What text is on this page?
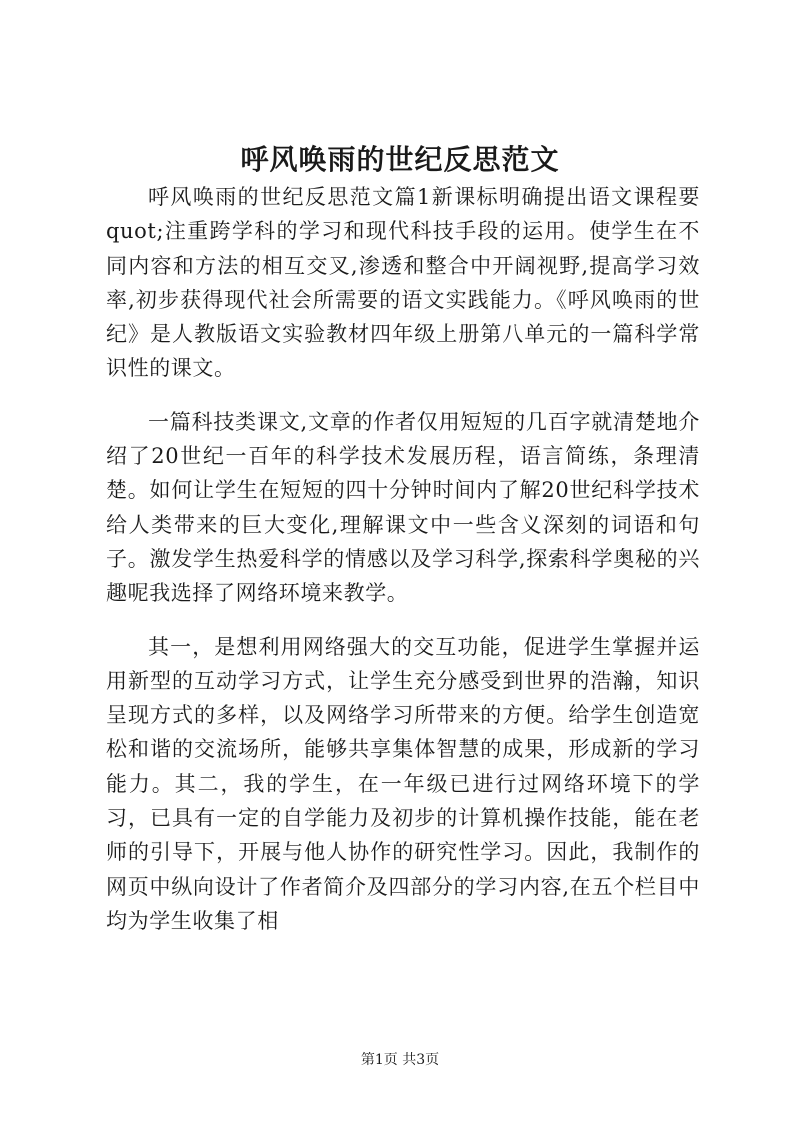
呼风唤雨的世纪反思范文

呼风唤雨的世纪反思范文篇1新课标明确提出语文课程要quot;注重跨学科的学习和现代科技手段的运用。使学生在不同内容和方法的相互交叉,渗透和整合中开阔视野,提高学习效率,初步获得现代社会所需要的语文实践能力。《呼风唤雨的世纪》是人教版语文实验教材四年级上册第八单元的一篇科学常识性的课文。

一篇科技类课文,文章的作者仅用短短的几百字就清楚地介绍了20世纪一百年的科学技术发展历程，语言简练，条理清楚。如何让学生在短短的四十分钟时间内了解20世纪科学技术给人类带来的巨大变化,理解课文中一些含义深刻的词语和句子。激发学生热爱科学的情感以及学习科学,探索科学奥秘的兴趣呢我选择了网络环境来教学。

其一，是想利用网络强大的交互功能，促进学生掌握并运用新型的互动学习方式，让学生充分感受到世界的浩瀚，知识呈现方式的多样，以及网络学习所带来的方便。给学生创造宽松和谐的交流场所，能够共享集体智慧的成果，形成新的学习能力。其二，我的学生，在一年级已进行过网络环境下的学习，已具有一定的自学能力及初步的计算机操作技能，能在老师的引导下，开展与他人协作的研究性学习。因此，我制作的网页中纵向设计了作者简介及四部分的学习内容,在五个栏目中均为学生收集了相

第1页 共3页
